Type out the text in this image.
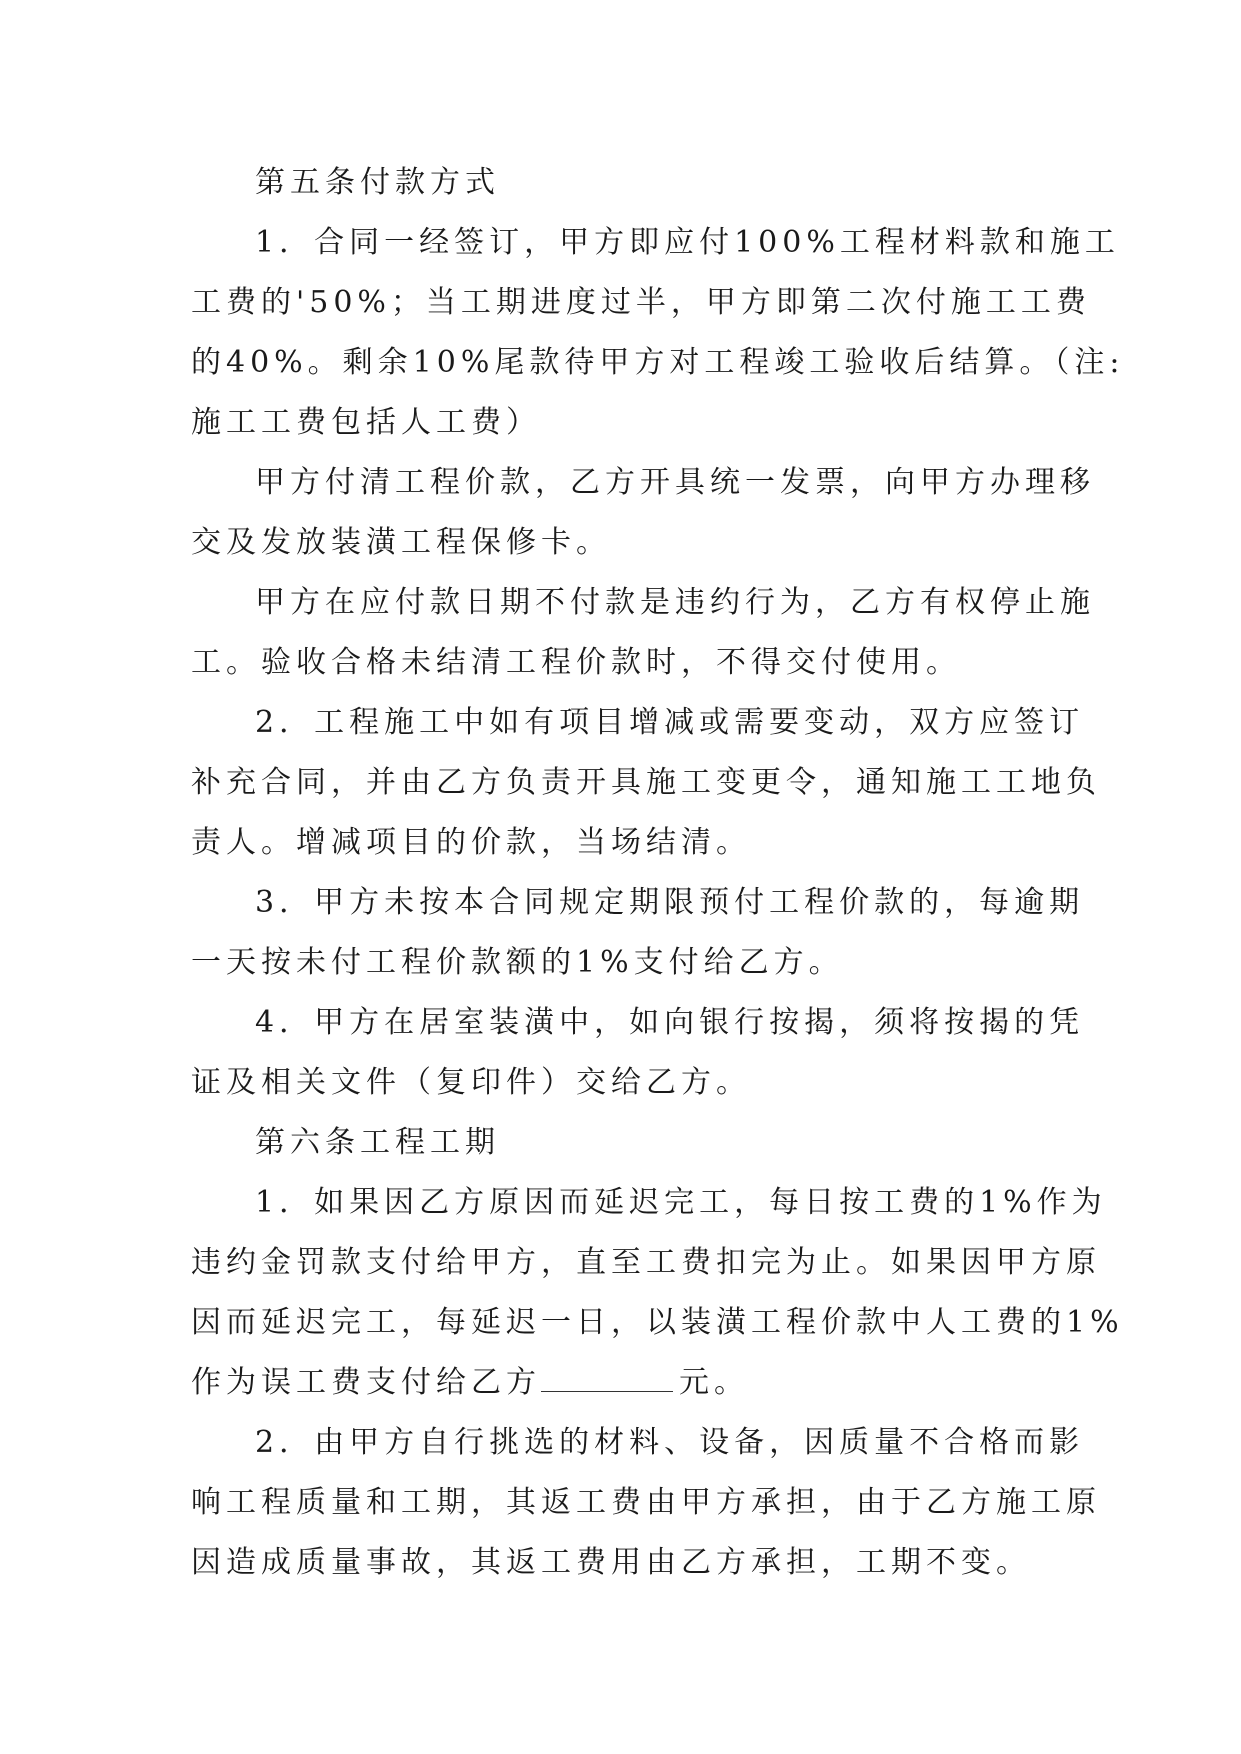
第五条付款方式

1．合同一经签订，甲方即应付100%工程材料款和施工

工费的'50%；当工期进度过半，甲方即第二次付施工工费

的40%。剩余10%尾款待甲方对工程竣工验收后结算。（注:

施工工费包括人工费）

甲方付清工程价款，乙方开具统一发票，向甲方办理移

交及发放装潢工程保修卡。

甲方在应付款日期不付款是违约行为，乙方有权停止施

工。验收合格未结清工程价款时，不得交付使用。

2．工程施工中如有项目增减或需要变动，双方应签订

补充合同，并由乙方负责开具施工变更令，通知施工工地负

责人。增减项目的价款，当场结清。

3．甲方未按本合同规定期限预付工程价款的，每逾期

一天按未付工程价款额的1%支付给乙方。

4．甲方在居室装潢中，如向银行按揭，须将按揭的凭

证及相关文件（复印件）交给乙方。

第六条工程工期

1．如果因乙方原因而延迟完工，每日按工费的1%作为

违约金罚款支付给甲方，直至工费扣完为止。如果因甲方原

因而延迟完工，每延迟一日，以装潢工程价款中人工费的1%

作为误工费支付给乙方	元。

2．由甲方自行挑选的材料、设备，因质量不合格而影

响工程质量和工期，其返工费由甲方承担，由于乙方施工原

因造成质量事故，其返工费用由乙方承担，工期不变。
